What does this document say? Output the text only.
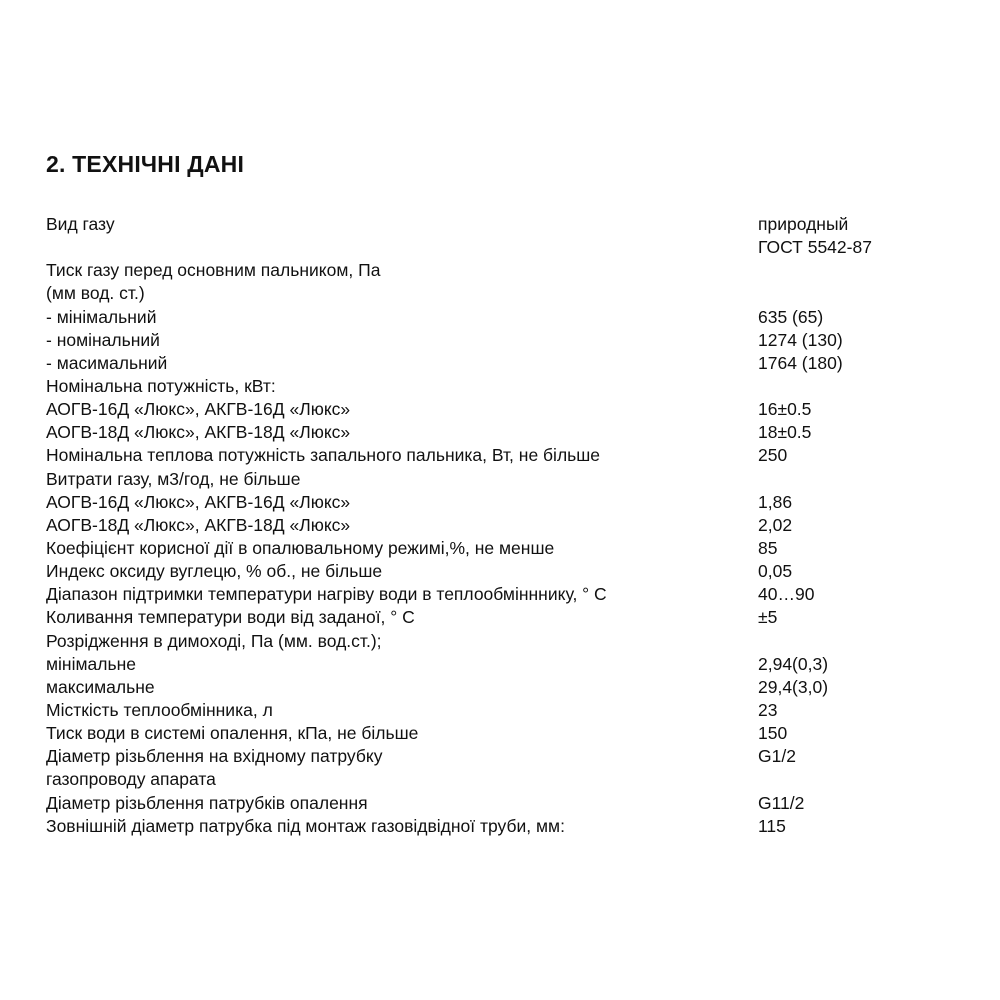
2. ТЕХНІЧНІ ДАНІ
Вид газу	природный
ГОСТ 5542-87
Тиск газу перед основним пальником, Па
(мм вод. ст.)
- мінімальний	635 (65)
- номінальний	1274 (130)
- масимальний	1764 (180)
Номінальна потужність, кВт:
АОГВ-16Д «Люкс», АКГВ-16Д «Люкс»	16±0.5
АОГВ-18Д «Люкс», АКГВ-18Д «Люкс»	18±0.5
Номінальна теплова потужність запального пальника, Вт, не більше	250
Витрати газу, м3/год, не більше
АОГВ-16Д «Люкс», АКГВ-16Д «Люкс»	1,86
АОГВ-18Д «Люкс», АКГВ-18Д «Люкс»	2,02
Коефіцієнт корисної дії в опалювальному режимі,%, не менше	85
Индекс оксиду вуглецю, % об., не більше	0,05
Діапазон підтримки температури нагріву води в теплообмінннику, ° С	40…90
Коливання температури води від заданої, ° С	±5
Розрідження в димоході, Па (мм. вод.ст.);
мінімальне	2,94(0,3)
максимальне	29,4(3,0)
Місткість теплообмінника, л	23
Тиск води в системі опалення, кПа, не більше	150
Діаметр різьблення на вхідному патрубку	G1/2
газопроводу апарата
Діаметр різьблення патрубків опалення	G11/2
Зовнішній діаметр патрубка під монтаж газовідвідної труби, мм:	115
